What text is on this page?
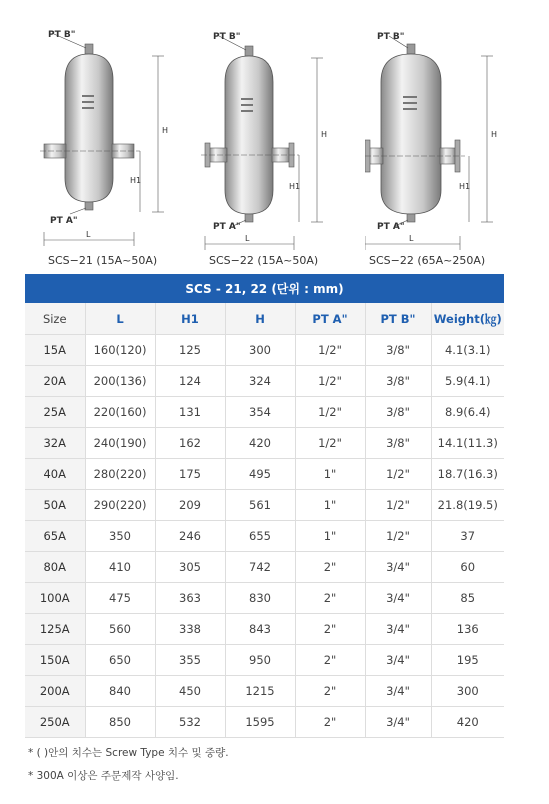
PT B"
PT A"
H
H1
L
SCS−21 (15A~50A)
PT B"
PT A"
H
H1
L
SCS−22 (15A~50A)
PT B"
PT A"
H
H1
L
SCS−22 (65A~250A)
SCS - 21, 22 (단위 : mm)
Size	L	H1	H	PT A"	PT B"	Weight(㎏)
15A	160(120)	125	300	1/2"	3/8"	4.1(3.1)
20A	200(136)	124	324	1/2"	3/8"	5.9(4.1)
25A	220(160)	131	354	1/2"	3/8"	8.9(6.4)
32A	240(190)	162	420	1/2"	3/8"	14.1(11.3)
40A	280(220)	175	495	1"	1/2"	18.7(16.3)
50A	290(220)	209	561	1"	1/2"	21.8(19.5)
65A	350	246	655	1"	1/2"	37
80A	410	305	742	2"	3/4"	60
100A	475	363	830	2"	3/4"	85
125A	560	338	843	2"	3/4"	136
150A	650	355	950	2"	3/4"	195
200A	840	450	1215	2"	3/4"	300
250A	850	532	1595	2"	3/4"	420
* ( )안의 치수는 Screw Type 치수 및 중량.
* 300A 이상은 주문제작 사양임.
